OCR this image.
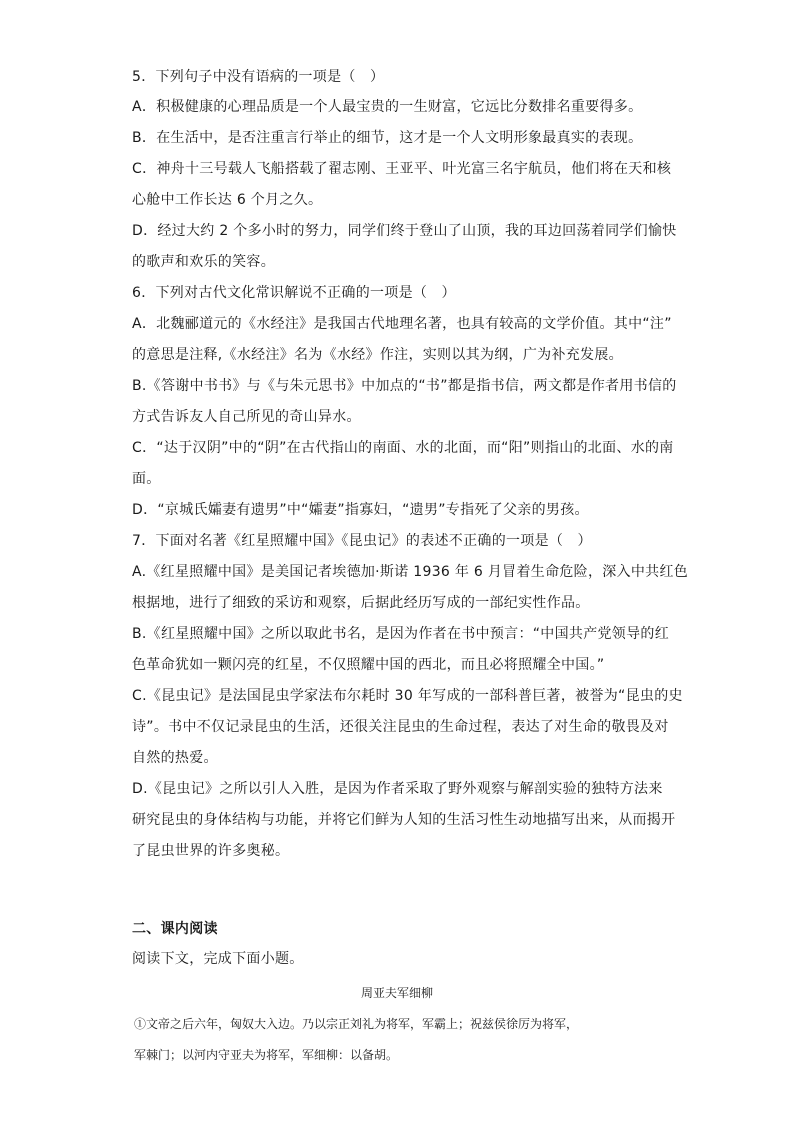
5．下列句子中没有语病的一项是（　）
A．积极健康的心理品质是一个人最宝贵的一生财富，它远比分数排名重要得多。
B．在生活中，是否注重言行举止的细节，这才是一个人文明形象最真实的表现。
C．神舟十三号载人飞船搭载了翟志刚、王亚平、叶光富三名宇航员，他们将在天和核
心舱中工作长达 6 个月之久。
D．经过大约 2 个多小时的努力，同学们终于登山了山顶，我的耳边回荡着同学们愉快
的歌声和欢乐的笑容。
6．下列对古代文化常识解说不正确的一项是（　）
A．北魏郦道元的《水经注》是我国古代地理名著，也具有较高的文学价值。其中“注”
的意思是注释,《水经注》名为《水经》作注，实则以其为纲，广为补充发展。
B.《答谢中书书》与《与朱元思书》中加点的“书”都是指书信，两文都是作者用书信的
方式告诉友人自己所见的奇山异水。
C．“达于汉阴”中的“阴”在古代指山的南面、水的北面，而“阳”则指山的北面、水的南
面。
D．“京城氏孀妻有遗男”中“孀妻”指寡妇，“遗男”专指死了父亲的男孩。
7．下面对名著《红星照耀中国》《昆虫记》的表述不正确的一项是（　）
A.《红星照耀中国》是美国记者埃德加·斯诺 1936 年 6 月冒着生命危险，深入中共红色
根据地，进行了细致的采访和观察，后据此经历写成的一部纪实性作品。
B.《红星照耀中国》之所以取此书名，是因为作者在书中预言：“中国共产党领导的红
色革命犹如一颗闪亮的红星，不仅照耀中国的西北，而且必将照耀全中国。”
C.《昆虫记》是法国昆虫学家法布尔耗时 30 年写成的一部科普巨著，被誉为“昆虫的史
诗”。书中不仅记录昆虫的生活，还很关注昆虫的生命过程，表达了对生命的敬畏及对
自然的热爱。
D.《昆虫记》之所以引人入胜，是因为作者采取了野外观察与解剖实验的独特方法来
研究昆虫的身体结构与功能，并将它们鲜为人知的生活习性生动地描写出来，从而揭开
了昆虫世界的许多奥秘。
二、课内阅读
阅读下文，完成下面小题。
周亚夫军细柳
①文帝之后六年，匈奴大入边。乃以宗正刘礼为将军，军霸上；祝兹侯徐厉为将军，
军棘门；以河内守亚夫为将军，军细柳：以备胡。
